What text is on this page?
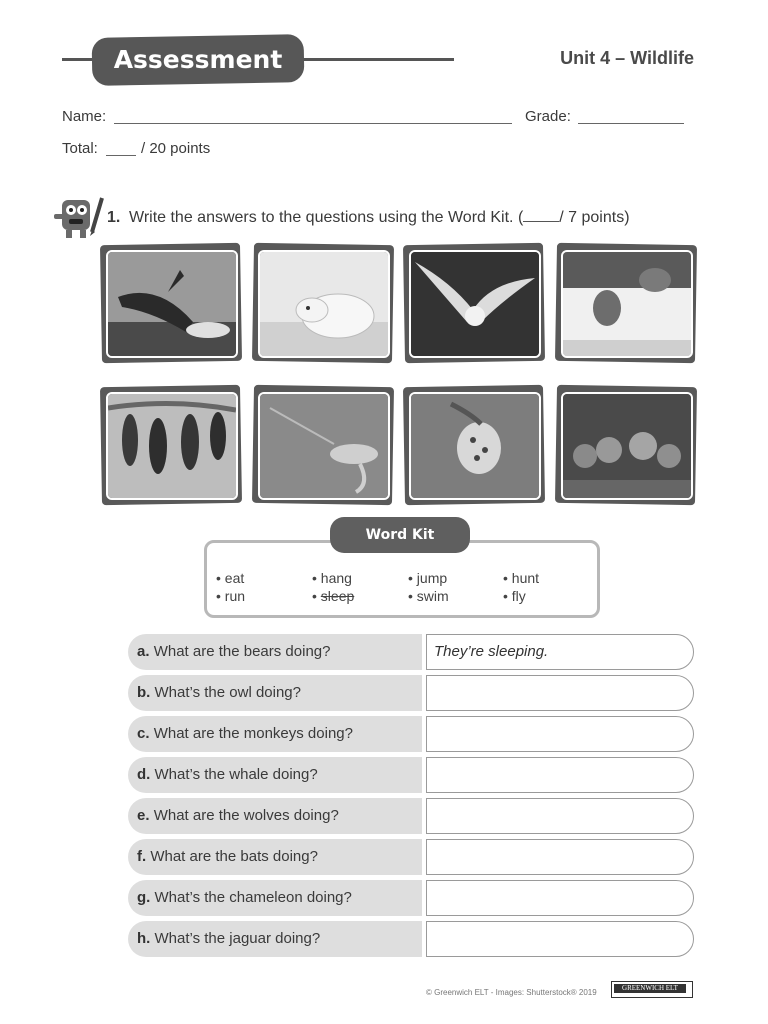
Assessment	Unit 4 – Wildlife
Name:	Grade:
Total:	/ 20 points
1. Write the answers to the questions using the Word Kit. ( / 7 points)
Word Kit
• eat	• hang	• jump	• hunt
• run	• sleep	• swim	• fly
a. What are the bears doing?	They’re sleeping.
b. What’s the owl doing?
c. What are the monkeys doing?
d. What’s the whale doing?
e. What are the wolves doing?
f. What are the bats doing?
g. What’s the chameleon doing?
h. What’s the jaguar doing?
© Greenwich ELT - Images: Shutterstock® 2019	GREENWICH ELT
